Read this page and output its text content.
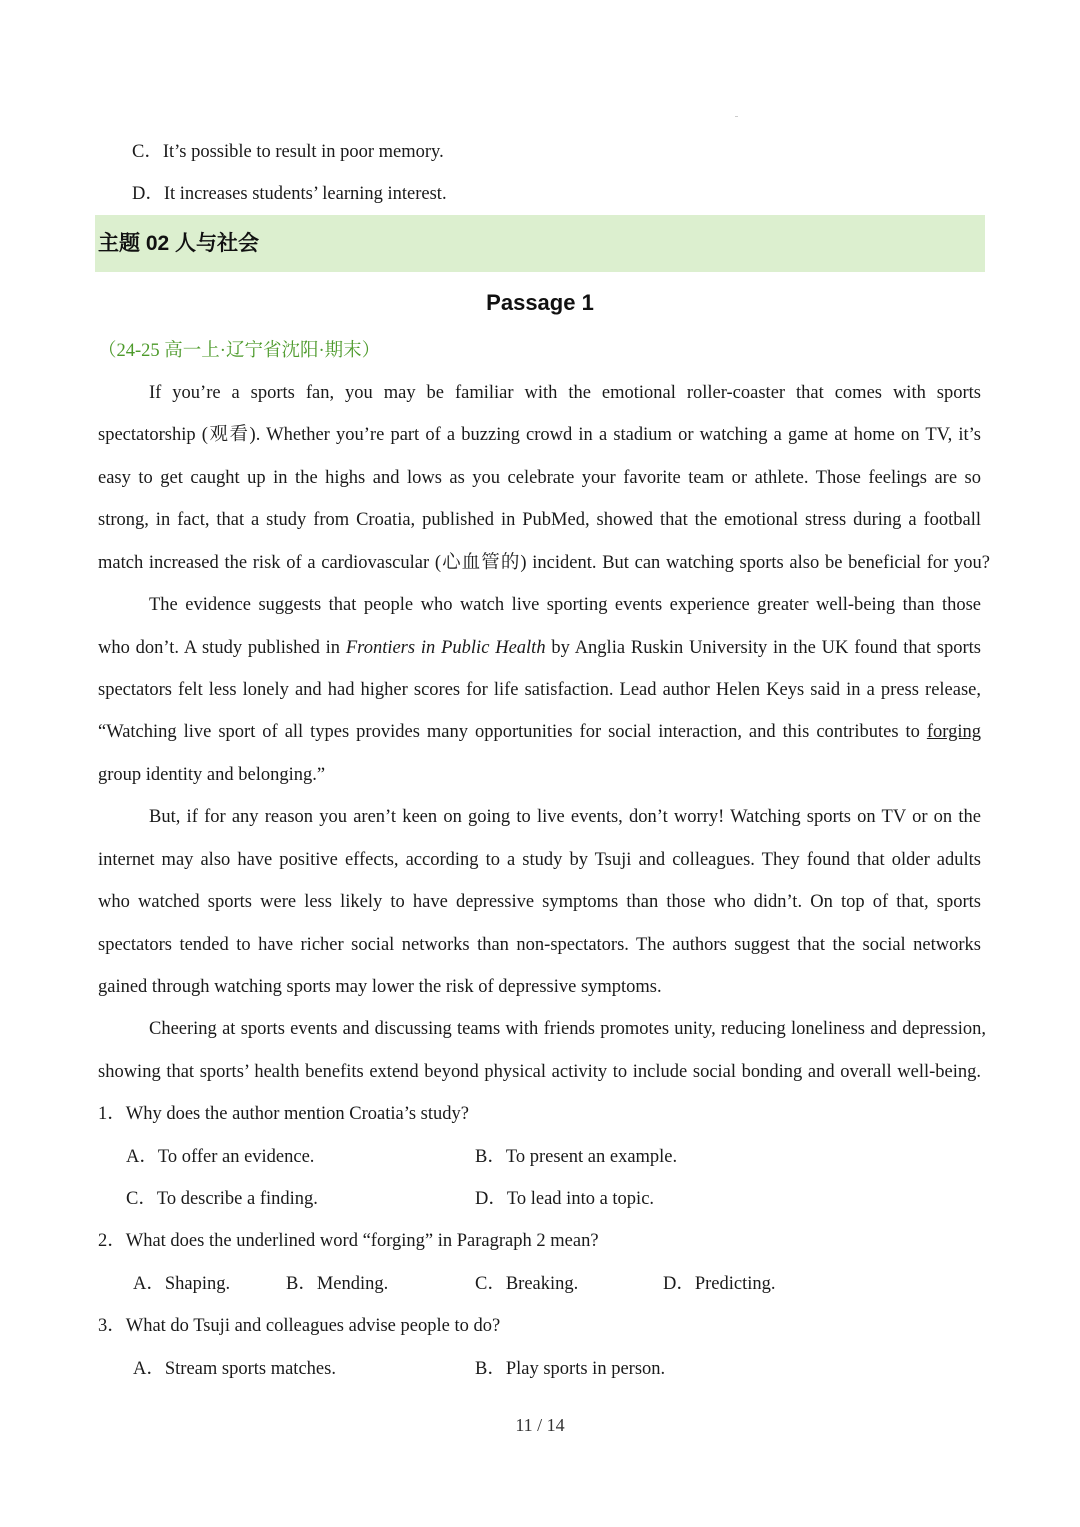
C．It’s possible to result in poor memory.
D．It increases students’ learning interest.
主题 02 人与社会
Passage 1
（24-25 高一上·辽宁省沈阳·期末）
If you’re a sports fan, you may be familiar with the emotional roller-coaster that comes with sports
spectatorship (观看). Whether you’re part of a buzzing crowd in a stadium or watching a game at home on TV, it’s
easy to get caught up in the highs and lows as you celebrate your favorite team or athlete. Those feelings are so
strong, in fact, that a study from Croatia, published in PubMed, showed that the emotional stress during a football
match increased the risk of a cardiovascular (心血管的) incident. But can watching sports also be beneficial for you?
The evidence suggests that people who watch live sporting events experience greater well-being than those
who don’t. A study published in Frontiers in Public Health by Anglia Ruskin University in the UK found that sports
spectators felt less lonely and had higher scores for life satisfaction. Lead author Helen Keys said in a press release,
“Watching live sport of all types provides many opportunities for social interaction, and this contributes to forging
group identity and belonging.”
But, if for any reason you aren’t keen on going to live events, don’t worry! Watching sports on TV or on the
internet may also have positive effects, according to a study by Tsuji and colleagues. They found that older adults
who watched sports were less likely to have depressive symptoms than those who didn’t. On top of that, sports
spectators tended to have richer social networks than non-spectators. The authors suggest that the social networks
gained through watching sports may lower the risk of depressive symptoms.
Cheering at sports events and discussing teams with friends promotes unity, reducing loneliness and depression,
showing that sports’ health benefits extend beyond physical activity to include social bonding and overall well-being.
1．Why does the author mention Croatia’s study?
A．To offer an evidence.	B．To present an example.
C．To describe a finding.	D．To lead into a topic.
2．What does the underlined word “forging” in Paragraph 2 mean?
A．Shaping.	B．Mending.	C．Breaking.	D．Predicting.
3．What do Tsuji and colleagues advise people to do?
A．Stream sports matches.	B．Play sports in person.
11 / 14
